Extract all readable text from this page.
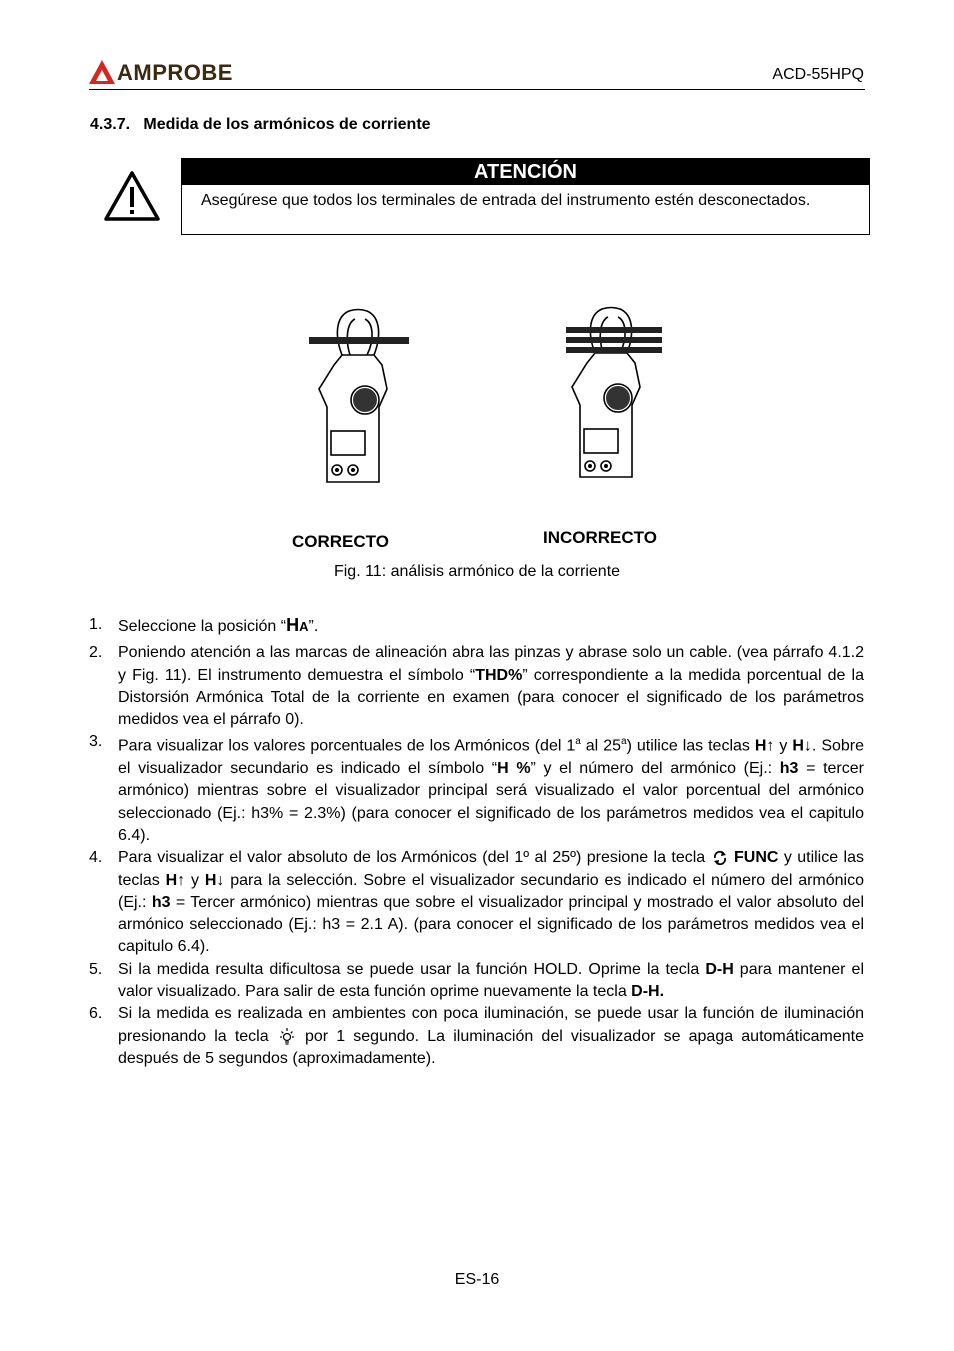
AMPROBE	ACD-55HPQ
4.3.7.   Medida de los armónicos de corriente
ATENCIÓN
Asegúrese que todos los terminales de entrada del instrumento estén desconectados.
CORRECTO	INCORRECTO
Fig. 11: análisis armónico de la corriente
1. Seleccione la posición “HA”.
2. Poniendo atención a las marcas de alineación abra las pinzas y abrase solo un cable. (vea párrafo 4.1.2 y Fig. 11). El instrumento demuestra el símbolo “THD%” correspondiente a la medida porcentual de la Distorsión Armónica Total de la corriente en examen (para conocer el significado de los parámetros medidos vea el párrafo 0).
3. Para visualizar los valores porcentuales de los Armónicos (del 1$^a$ al 25$^a$) utilice las teclas H↑ y H↓. Sobre el visualizador secundario es indicado el símbolo “H %” y el número del armónico (Ej.: h3 = tercer armónico) mientras sobre el visualizador principal será visualizado el valor porcentual del armónico seleccionado (Ej.: h3% = 2.3%) (para conocer el significado de los parámetros medidos vea el capitulo 6.4).
4. Para visualizar el valor absoluto de los Armónicos (del 1º al 25º) presione la tecla  FUNC y utilice las teclas H↑ y H↓ para la selección. Sobre el visualizador secundario es indicado el número del armónico (Ej.: h3 = Tercer armónico) mientras que sobre el visualizador principal y mostrado el valor absoluto del armónico seleccionado (Ej.: h3 = 2.1 A). (para conocer el significado de los parámetros medidos vea el capitulo 6.4).
5. Si la medida resulta dificultosa se puede usar la función HOLD. Oprime la tecla D-H para mantener el valor visualizado. Para salir de esta función oprime nuevamente la tecla D-H.
6. Si la medida es realizada en ambientes con poca iluminación, se puede usar la función de iluminación presionando la tecla  por 1 segundo. La iluminación del visualizador se apaga automáticamente después de 5 segundos (aproximadamente).
ES-16
